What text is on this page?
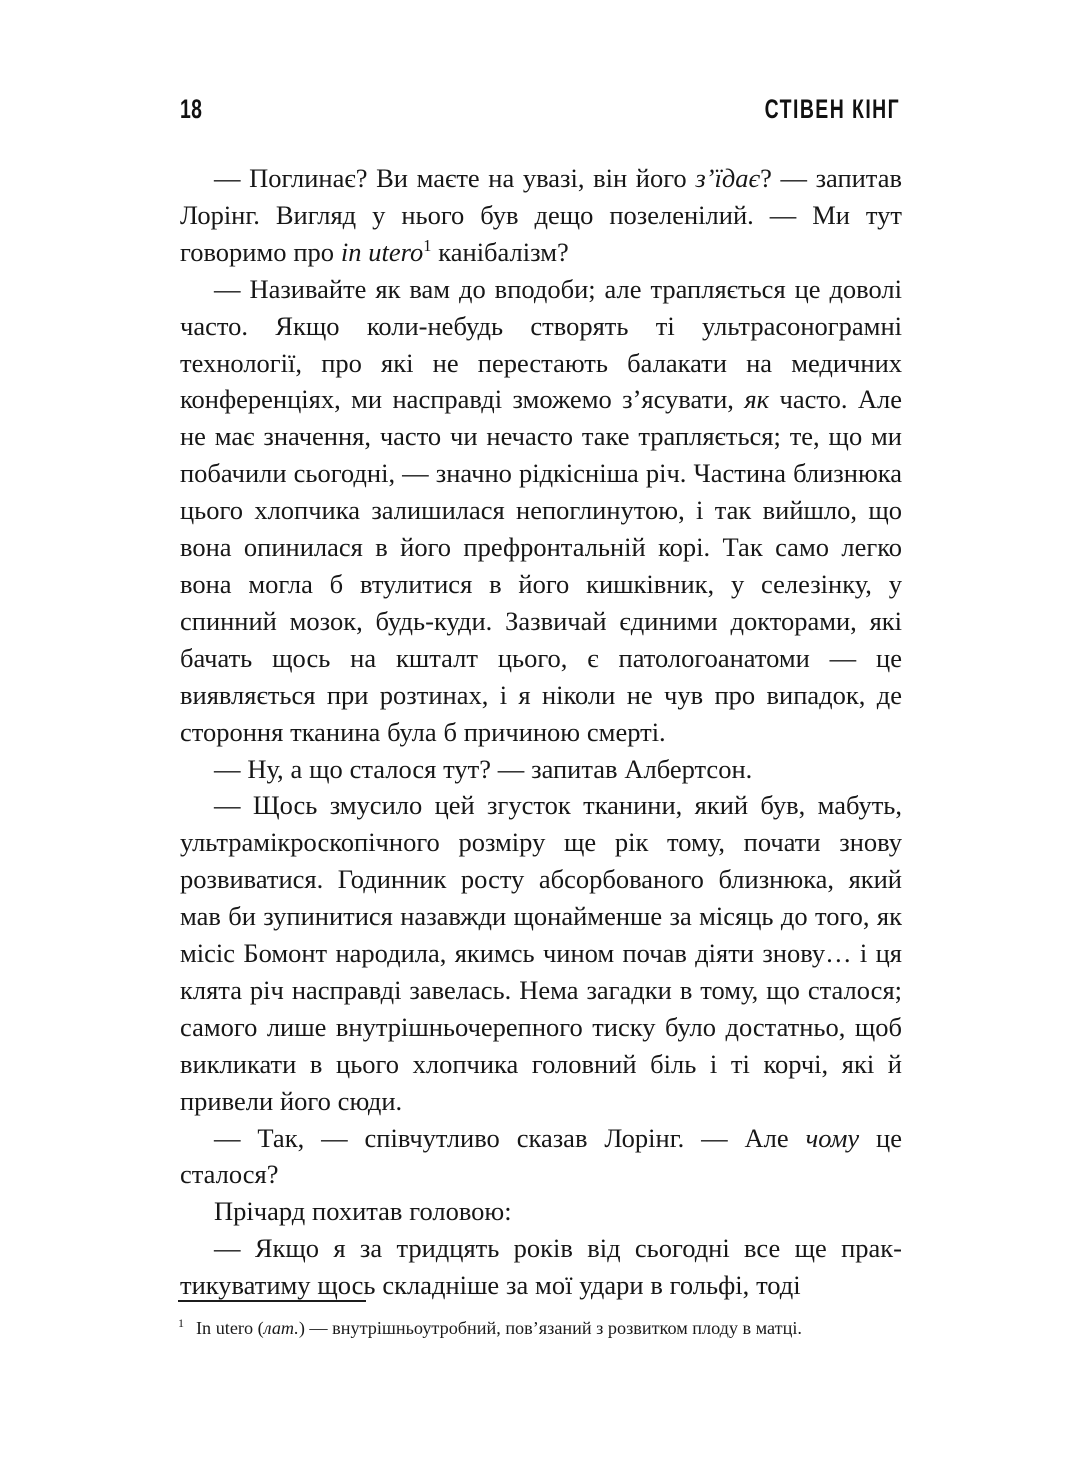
18	СТІВЕН КІНГ

— Поглинає? Ви маєте на увазі, він його з’їдає? — запитав Лорінг. Вигляд у нього був дещо позеленілий. — Ми тут говоримо про in utero$^1$ канібалізм?

— Називайте як вам до вподоби; але трапляється це доволі часто. Якщо коли-небудь створять ті ультрасонограмні технології, про які не перестають балакати на медичних конференціях, ми насправді зможемо з’ясувати, як часто. Але не має значення, часто чи нечасто таке трапляється; те, що ми побачили сьогодні, — значно рідкісніша річ. Частина близнюка цього хлопчика залишилася непоглинутою, і так вийшло, що вона опинилася в його префронтальній корі. Так само легко вона могла б втулитися в його кишківник, у селезінку, у спинний мозок, будь-куди. Зазвичай єдиними докторами, які бачать щось на кшталт цього, є патологоанатоми — це виявляється при розтинах, і я ніколи не чув про випадок, де стороння тканина була б причиною смерті.

— Ну, а що сталося тут? — запитав Албертсон.

— Щось змусило цей згусток тканини, який був, мабуть, ультрамікроскопічного розміру ще рік тому, почати знову розвиватися. Годинник росту абсорбованого близнюка, який мав би зупинитися назавжди щонайменше за місяць до того, як місіс Бомонт народила, якимсь чином почав діяти знову… і ця клята річ насправді завелась. Нема загадки в тому, що сталося; самого лише внутрішньочерепного тиску було достатньо, щоб викликати в цього хлопчика головний біль і ті корчі, які й привели його сюди.

— Так, — співчутливо сказав Лорінг. — Але чому це сталося?

Прічард похитав головою:

— Якщо я за тридцять років від сьогодні все ще практикуватиму щось складніше за мої удари в гольфі, тоді

$^1$ In utero (лат.) — внутрішньоутробний, пов’язаний з розвитком плоду в матці.
